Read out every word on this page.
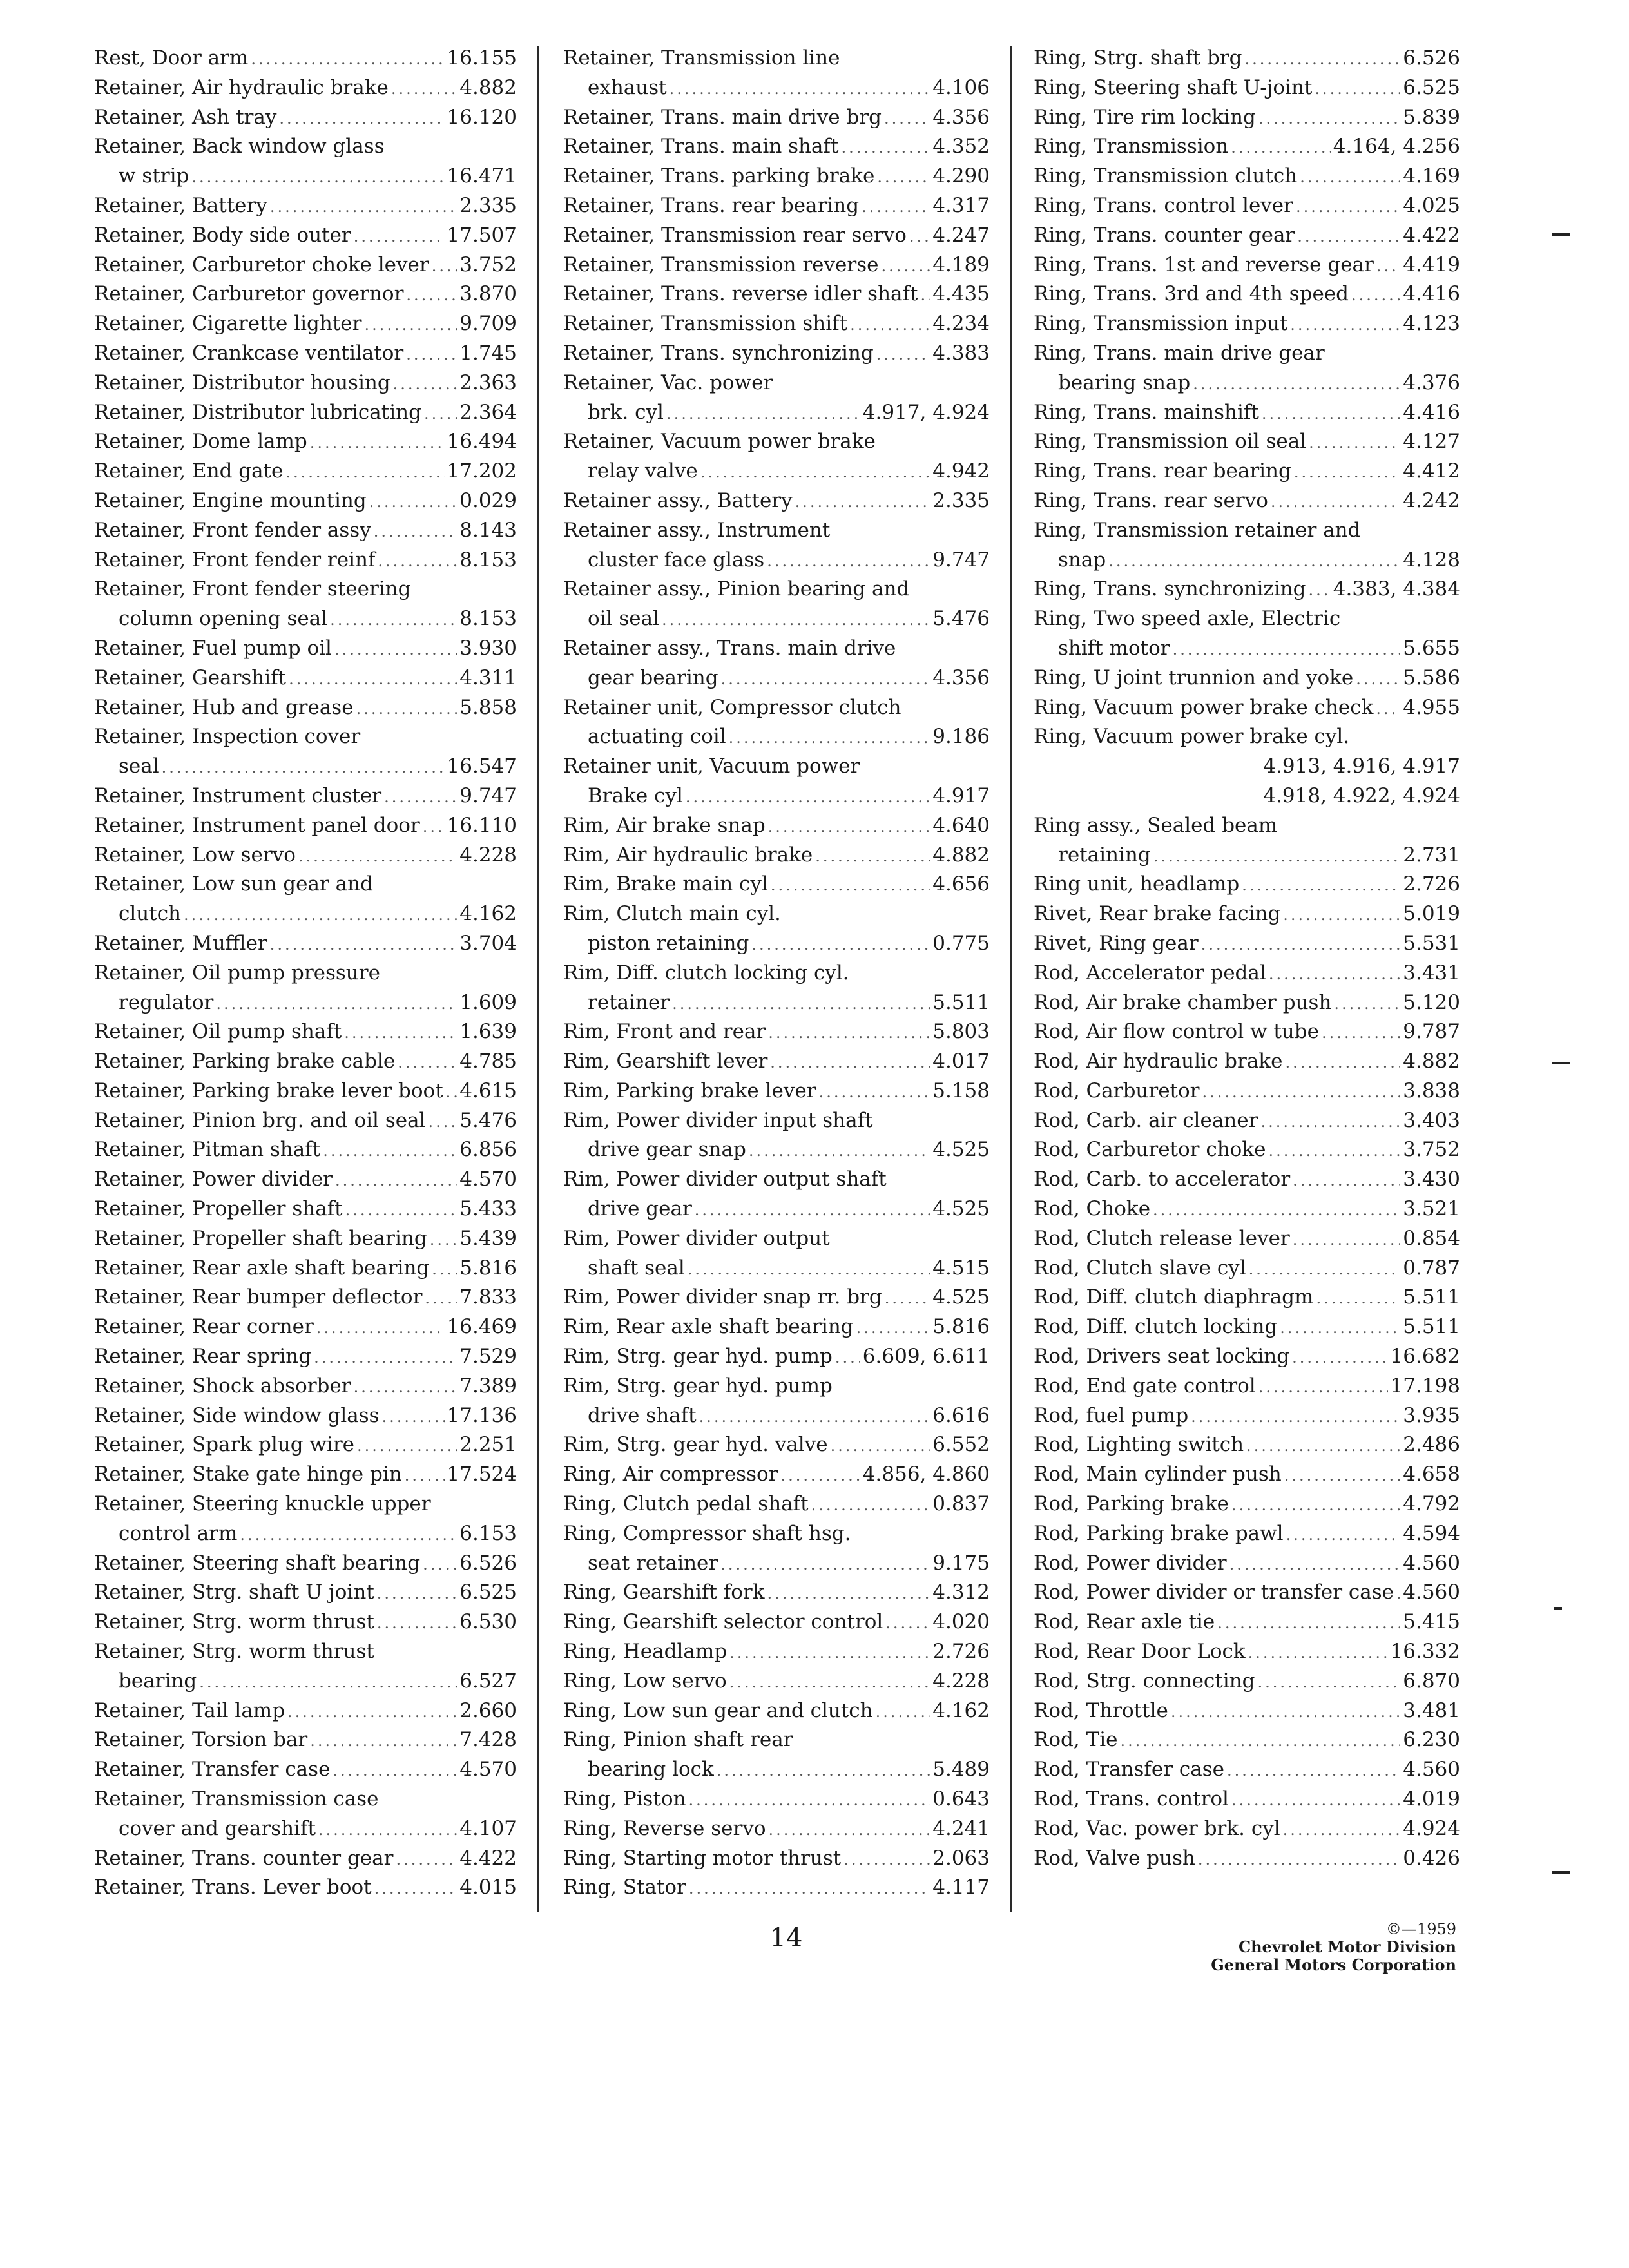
Rest, Door arm .....	16.155
Retainer, Air hydraulic brake .....	4.882
Retainer, Ash tray .....	16.120
Retainer, Back window glass
w strip .....	16.471
Retainer, Battery .....	2.335
Retainer, Body side outer .....	17.507
Retainer, Carburetor choke lever ..... 3.752
Retainer, Carburetor governor .....	3.870
Retainer, Cigarette lighter .....	9.709
Retainer, Crankcase ventilator .....	1.745
Retainer, Distributor housing .....	2.363
Retainer, Distributor lubricating ..... 2.364
Retainer, Dome lamp .....	16.494
Retainer, End gate .....	17.202
Retainer, Engine mounting .....	0.029
Retainer, Front fender assy .....	8.143
Retainer, Front fender reinf .....	8.153
Retainer, Front fender steering
column opening seal .....	8.153
Retainer, Fuel pump oil .....	3.930
Retainer, Gearshift .....	4.311
Retainer, Hub and grease .....	5.858
Retainer, Inspection cover
seal .....	16.547
Retainer, Instrument cluster .....	9.747
Retainer, Instrument panel door ..... 16.110
Retainer, Low servo .....	4.228
Retainer, Low sun gear and
clutch .....	4.162
Retainer, Muffler .....	3.704
Retainer, Oil pump pressure
regulator .....	1.609
Retainer, Oil pump shaft .....	1.639
Retainer, Parking brake cable .....	4.785
Retainer, Parking brake lever boot ..... 4.615
Retainer, Pinion brg. and oil seal ..... 5.476
Retainer, Pitman shaft .....	6.856
Retainer, Power divider .....	4.570
Retainer, Propeller shaft .....	5.433
Retainer, Propeller shaft bearing ..... 5.439
Retainer, Rear axle shaft bearing ..... 5.816
Retainer, Rear bumper deflector ..... 7.833
Retainer, Rear corner .....	16.469
Retainer, Rear spring .....	7.529
Retainer, Shock absorber .....	7.389
Retainer, Side window glass .....	17.136
Retainer, Spark plug wire .....	2.251
Retainer, Stake gate hinge pin ..... 17.524
Retainer, Steering knuckle upper
control arm .....	6.153
Retainer, Steering shaft bearing ..... 6.526
Retainer, Strg. shaft U joint .....	6.525
Retainer, Strg. worm thrust .....	6.530
Retainer, Strg. worm thrust
bearing .....	6.527
Retainer, Tail lamp .....	2.660
Retainer, Torsion bar .....	7.428
Retainer, Transfer case .....	4.570
Retainer, Transmission case
cover and gearshift .....	4.107
Retainer, Trans. counter gear .....	4.422
Retainer, Trans. Lever boot .....	4.015
Retainer, Transmission line
exhaust .....	4.106
Retainer, Trans. main drive brg .....	4.356
Retainer, Trans. main shaft .....	4.352
Retainer, Trans. parking brake .....	4.290
Retainer, Trans. rear bearing .....	4.317
Retainer, Transmission rear servo ..... 4.247
Retainer, Transmission reverse .....	4.189
Retainer, Trans. reverse idler shaft ..... 4.435
Retainer, Transmission shift .....	4.234
Retainer, Trans. synchronizing .....	4.383
Retainer, Vac. power
brk. cyl .....	4.917, 4.924
Retainer, Vacuum power brake
relay valve .....	4.942
Retainer assy., Battery .....	2.335
Retainer assy., Instrument
cluster face glass .....	9.747
Retainer assy., Pinion bearing and
oil seal .....	5.476
Retainer assy., Trans. main drive
gear bearing .....	4.356
Retainer unit, Compressor clutch
actuating coil .....	9.186
Retainer unit, Vacuum power
Brake cyl .....	4.917
Rim, Air brake snap .....	4.640
Rim, Air hydraulic brake .....	4.882
Rim, Brake main cyl .....	4.656
Rim, Clutch main cyl.
piston retaining .....	0.775
Rim, Diff. clutch locking cyl.
retainer .....	5.511
Rim, Front and rear .....	5.803
Rim, Gearshift lever .....	4.017
Rim, Parking brake lever .....	5.158
Rim, Power divider input shaft
drive gear snap .....	4.525
Rim, Power divider output shaft
drive gear .....	4.525
Rim, Power divider output
shaft seal .....	4.515
Rim, Power divider snap rr. brg .....	4.525
Rim, Rear axle shaft bearing .....	5.816
Rim, Strg. gear hyd. pump ..... 6.609, 6.611
Rim, Strg. gear hyd. pump
drive shaft .....	6.616
Rim, Strg. gear hyd. valve .....	6.552
Ring, Air compressor .....	4.856, 4.860
Ring, Clutch pedal shaft .....	0.837
Ring, Compressor shaft hsg.
seat retainer .....	9.175
Ring, Gearshift fork .....	4.312
Ring, Gearshift selector control ..... 4.020
Ring, Headlamp .....	2.726
Ring, Low servo .....	4.228
Ring, Low sun gear and clutch .....	4.162
Ring, Pinion shaft rear
bearing lock .....	5.489
Ring, Piston .....	0.643
Ring, Reverse servo .....	4.241
Ring, Starting motor thrust .....	2.063
Ring, Stator .....	4.117
Ring, Strg. shaft brg .....	6.526
Ring, Steering shaft U-joint .....	6.525
Ring, Tire rim locking .....	5.839
Ring, Transmission .....	4.164, 4.256
Ring, Transmission clutch .....	4.169
Ring, Trans. control lever .....	4.025
Ring, Trans. counter gear .....	4.422
Ring, Trans. 1st and reverse gear ..... 4.419
Ring, Trans. 3rd and 4th speed .....	4.416
Ring, Transmission input .....	4.123
Ring, Trans. main drive gear
bearing snap .....	4.376
Ring, Trans. mainshift .....	4.416
Ring, Transmission oil seal .....	4.127
Ring, Trans. rear bearing .....	4.412
Ring, Trans. rear servo .....	4.242
Ring, Transmission retainer and
snap .....	4.128
Ring, Trans. synchronizing ..... 4.383, 4.384
Ring, Two speed axle, Electric
shift motor .....	5.655
Ring, U joint trunnion and yoke ..... 5.586
Ring, Vacuum power brake check ..... 4.955
Ring, Vacuum power brake cyl.
4.913, 4.916, 4.917
4.918, 4.922, 4.924
Ring assy., Sealed beam
retaining .....	2.731
Ring unit, headlamp .....	2.726
Rivet, Rear brake facing .....	5.019
Rivet, Ring gear .....	5.531
Rod, Accelerator pedal .....	3.431
Rod, Air brake chamber push .....	5.120
Rod, Air flow control w tube .....	9.787
Rod, Air hydraulic brake .....	4.882
Rod, Carburetor .....	3.838
Rod, Carb. air cleaner .....	3.403
Rod, Carburetor choke .....	3.752
Rod, Carb. to accelerator .....	3.430
Rod, Choke .....	3.521
Rod, Clutch release lever .....	0.854
Rod, Clutch slave cyl .....	0.787
Rod, Diff. clutch diaphragm .....	5.511
Rod, Diff. clutch locking .....	5.511
Rod, Drivers seat locking .....	16.682
Rod, End gate control .....	17.198
Rod, fuel pump .....	3.935
Rod, Lighting switch .....	2.486
Rod, Main cylinder push .....	4.658
Rod, Parking brake .....	4.792
Rod, Parking brake pawl .....	4.594
Rod, Power divider .....	4.560
Rod, Power divider or transfer case ..... 4.560
Rod, Rear axle tie .....	5.415
Rod, Rear Door Lock .....	16.332
Rod, Strg. connecting .....	6.870
Rod, Throttle .....	3.481
Rod, Tie .....	6.230
Rod, Transfer case .....	4.560
Rod, Trans. control .....	4.019
Rod, Vac. power brk. cyl .....	4.924
Rod, Valve push .....	0.426
14	©—1959
Chevrolet Motor Division
General Motors Corporation
